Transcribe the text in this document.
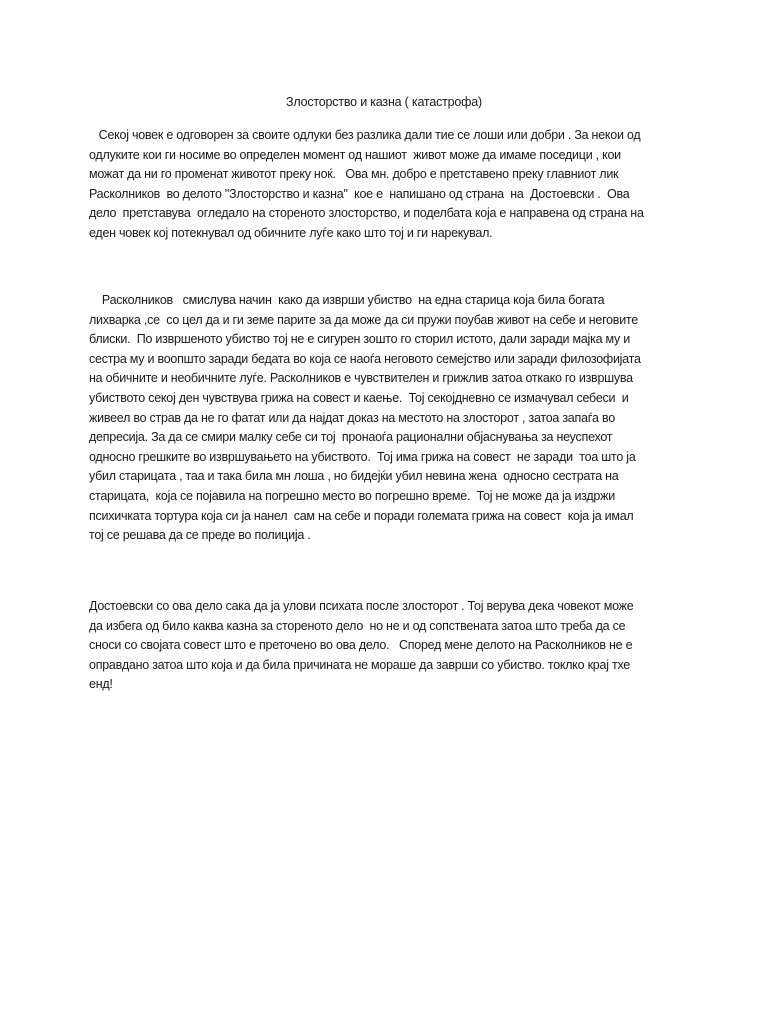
Злосторство и казна ( катастрофа)
Секој човек е одговорен за своите одлуки без разлика дали тие се лоши или добри . За некои од
одлуките кои ги носиме во определен момент од нашиот  живот може да имаме поседици , кои
можат да ни го променат животот преку ноќ.   Ова мн. добро е претставено преку главниот лик
Расколников  во делото "Злосторство и казна"  кое е  напишано од страна  на  Достоевски .  Ова
дело  претставува  огледало на стореното злосторство, и поделбата која е направена од страна на
еден човек кој потекнувал од обичните луѓе како што тој и ги нарекувал.
Расколников   смислува начин  како да изврши убиство  на една старица која била богата
лихварка ,се  со цел да и ги земе парите за да може да си пружи поубав живот на себе и неговите
блиски.  По извршеното убиство тој не е сигурен зошто го сторил истото, дали заради мајка му и
сестра му и воопшто заради бедата во која се наоѓа неговото семејство или заради филозофијата
на обичните и необичните луѓе. Расколников е чувствителен и грижлив затоа откако го извршува
убиството секој ден чувствува грижа на совест и каење.  Тој секојдневно се измачувал себеси  и
живеел во страв да не го фатат или да најдат доказ на местото на злосторот , затоа запаѓа во
депресија. За да се смири малку себе си тој  пронаоѓа рационални објаснувања за неуспехот
односно грешките во извршувањето на убиството.  Тој има грижа на совест  не заради  тоа што ја
убил старицата , таа и така била мн лоша , но бидејќи убил невина жена  односно сестрата на
старицата,  која се појавила на погрешно место во погрешно време.  Тој не може да ја издржи
психичката тортура која си ја нанел  сам на себе и поради големата грижа на совест  која ја имал
тој се решава да се преде во полиција .
Достоевски со ова дело сака да ја улови психата после злосторот . Тој верува дека човекот може
да избега од било каква казна за стореното дело  но не и од сопствената затоа што треба да се
сноси со својата совест што е преточено во ова дело.   Според мене делото на Расколников не е
оправдано затоа што која и да била причината не мораше да заврши со убиство. токлко крај тхе
енд!
